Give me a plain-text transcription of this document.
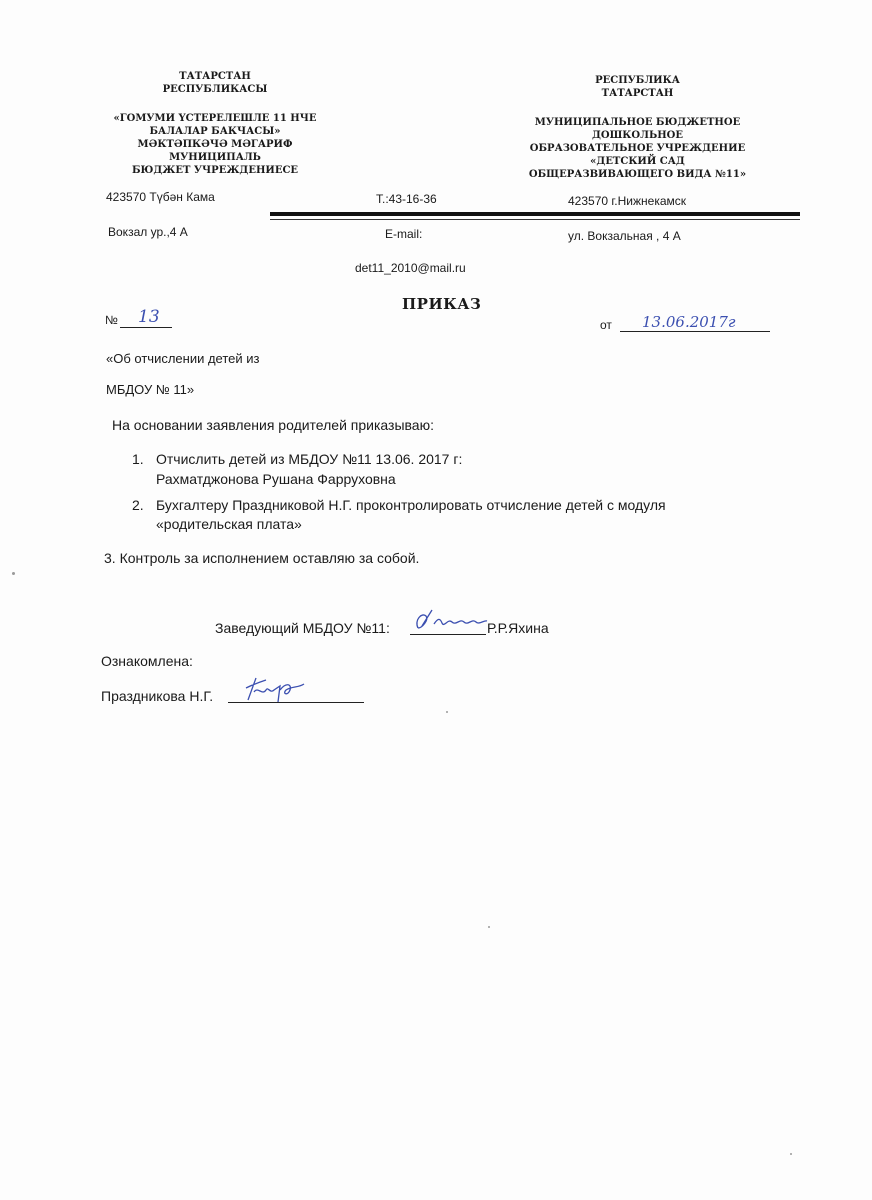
ТАТАРСТАН
РЕСПУБЛИКАСЫ
«ГОМУМИ ҮСТЕРЕЛЕШЛЕ 11 НЧЕ
БАЛАЛАР БАКЧАСЫ»
МӘКТӘПКӘЧӘ МӘГАРИФ
МУНИЦИПАЛЬ
БЮДЖЕТ УЧРЕЖДЕНИЕСЕ
РЕСПУБЛИКА
ТАТАРСТАН
МУНИЦИПАЛЬНОЕ БЮДЖЕТНОЕ
ДОШКОЛЬНОЕ
ОБРАЗОВАТЕЛЬНОЕ УЧРЕЖДЕНИЕ
«ДЕТСКИЙ САД
ОБЩЕРАЗВИВАЮЩЕГО ВИДА №11»
423570 Түбән Кама	Т.:43-16-36	423570 г.Нижнекамск
Вокзал ур.,4 А	E-mail:	ул. Вокзальная , 4 А
det11_2010@mail.ru
ПРИКАЗ
№ 13	от 13.06.2017г
«Об отчислении детей из
МБДОУ № 11»
На основании заявления родителей приказываю:
1. Отчислить детей из МБДОУ №11 13.06. 2017 г:
Рахматджонова Рушана Фарруховна
2. Бухгалтеру Праздниковой Н.Г. проконтролировать отчисление детей с модуля
«родительская плата»
3. Контроль за исполнением оставляю за собой.
Заведующий МБДОУ №11:	Р.Р.Яхина
Ознакомлена:
Праздникова Н.Г.
